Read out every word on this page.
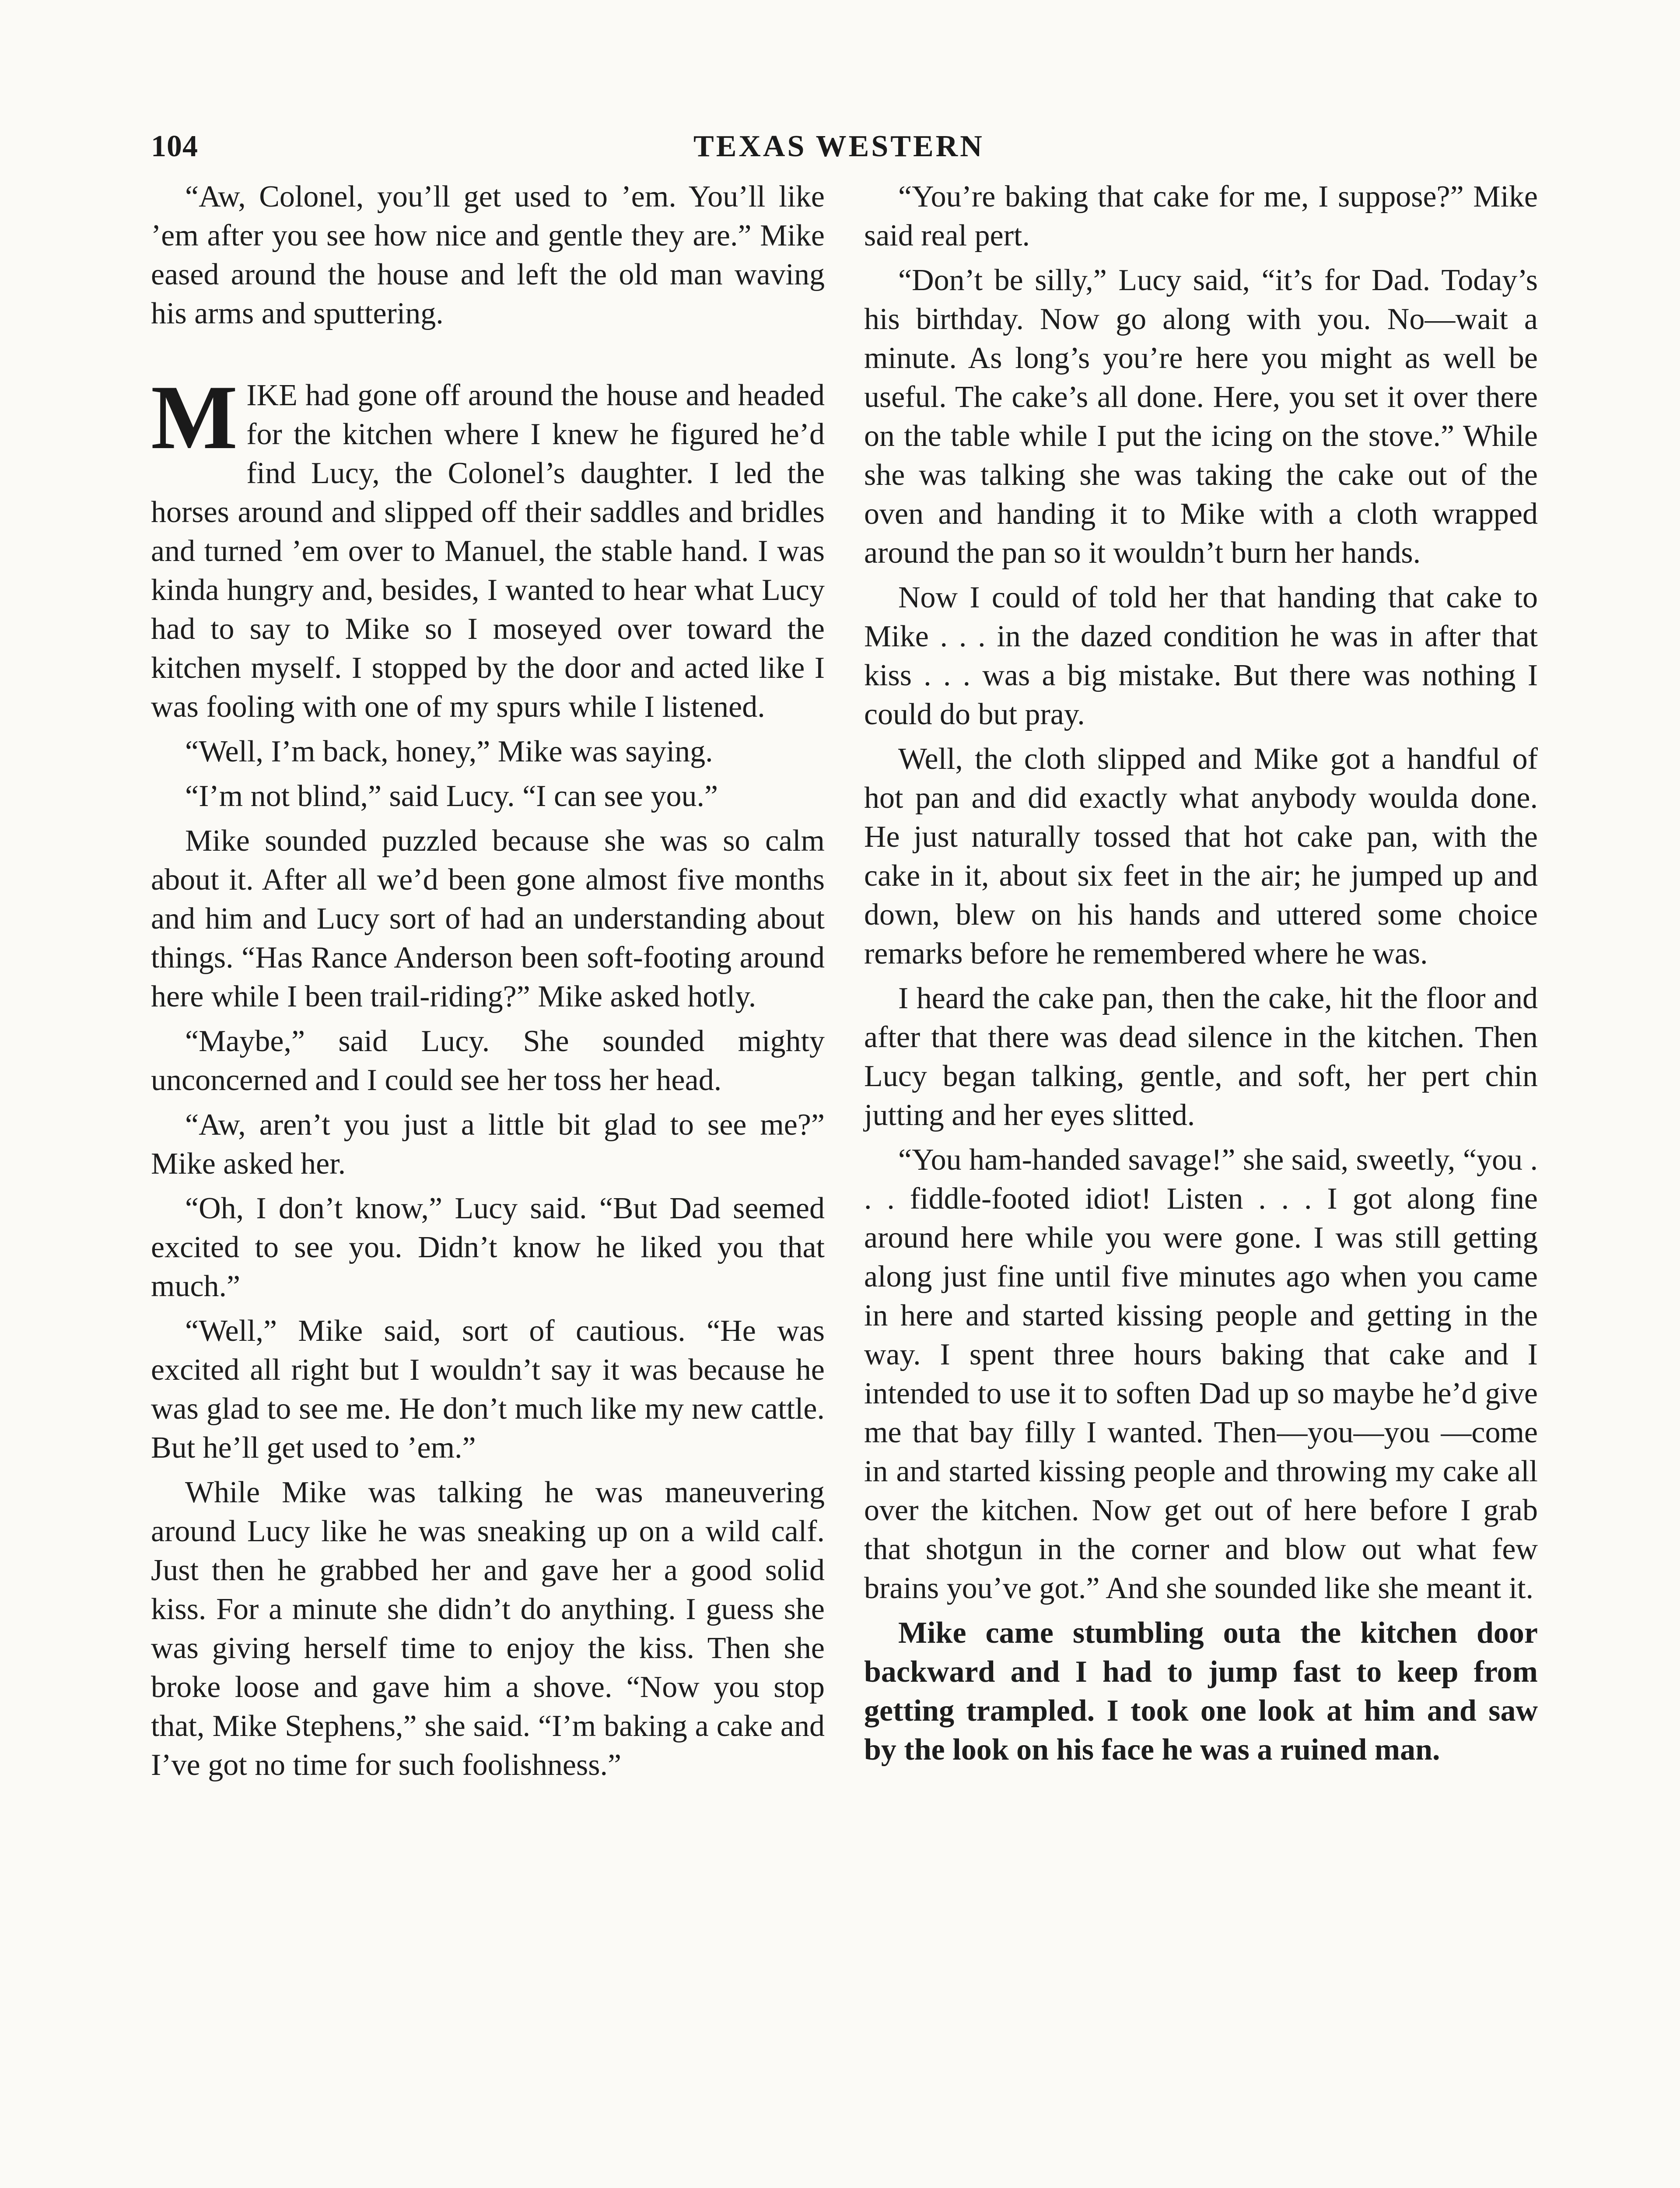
104	TEXAS WESTERN

“Aw, Colonel, you’ll get used to ’em. You’ll like ’em after you see how nice and gentle they are.” Mike eased around the house and left the old man waving his arms and sputtering.

MIKE had gone off around the house and headed for the kitchen where I knew he figured he’d find Lucy, the Colonel’s daughter. I led the horses around and slipped off their saddles and bridles and turned ’em over to Manuel, the stable hand. I was kinda hungry and, besides, I wanted to hear what Lucy had to say to Mike so I moseyed over toward the kitchen myself. I stopped by the door and acted like I was fooling with one of my spurs while I listened.

“Well, I’m back, honey,” Mike was saying.

“I’m not blind,” said Lucy. “I can see you.”

Mike sounded puzzled because she was so calm about it. After all we’d been gone almost five months and him and Lucy sort of had an understanding about things. “Has Rance Anderson been soft-footing around here while I been trail-riding?” Mike asked hotly.

“Maybe,” said Lucy. She sounded mighty unconcerned and I could see her toss her head.

“Aw, aren’t you just a little bit glad to see me?” Mike asked her.

“Oh, I don’t know,” Lucy said. “But Dad seemed excited to see you. Didn’t know he liked you that much.”

“Well,” Mike said, sort of cautious. “He was excited all right but I wouldn’t say it was because he was glad to see me. He don’t much like my new cattle. But he’ll get used to ’em.”

While Mike was talking he was maneuvering around Lucy like he was sneaking up on a wild calf. Just then he grabbed her and gave her a good solid kiss. For a minute she didn’t do anything. I guess she was giving herself time to enjoy the kiss. Then she broke loose and gave him a shove. “Now you stop that, Mike Stephens,” she said. “I’m baking a cake and I’ve got no time for such foolishness.”

“You’re baking that cake for me, I suppose?” Mike said real pert.

“Don’t be silly,” Lucy said, “it’s for Dad. Today’s his birthday. Now go along with you. No—wait a minute. As long’s you’re here you might as well be useful. The cake’s all done. Here, you set it over there on the table while I put the icing on the stove.” While she was talking she was taking the cake out of the oven and handing it to Mike with a cloth wrapped around the pan so it wouldn’t burn her hands.

Now I could of told her that handing that cake to Mike . . . in the dazed condition he was in after that kiss . . . was a big mistake. But there was nothing I could do but pray.

Well, the cloth slipped and Mike got a handful of hot pan and did exactly what anybody woulda done. He just naturally tossed that hot cake pan, with the cake in it, about six feet in the air; he jumped up and down, blew on his hands and uttered some choice remarks before he remembered where he was.

I heard the cake pan, then the cake, hit the floor and after that there was dead silence in the kitchen. Then Lucy began talking, gentle, and soft, her pert chin jutting and her eyes slitted.

“You ham-handed savage!” she said, sweetly, “you . . . fiddle-footed idiot! Listen . . . I got along fine around here while you were gone. I was still getting along just fine until five minutes ago when you came in here and started kissing people and getting in the way. I spent three hours baking that cake and I intended to use it to soften Dad up so maybe he’d give me that bay filly I wanted. Then—you—you —come in and started kissing people and throwing my cake all over the kitchen. Now get out of here before I grab that shotgun in the corner and blow out what few brains you’ve got.” And she sounded like she meant it.

Mike came stumbling outa the kitchen door backward and I had to jump fast to keep from getting trampled. I took one look at him and saw by the look on his face he was a ruined man.
